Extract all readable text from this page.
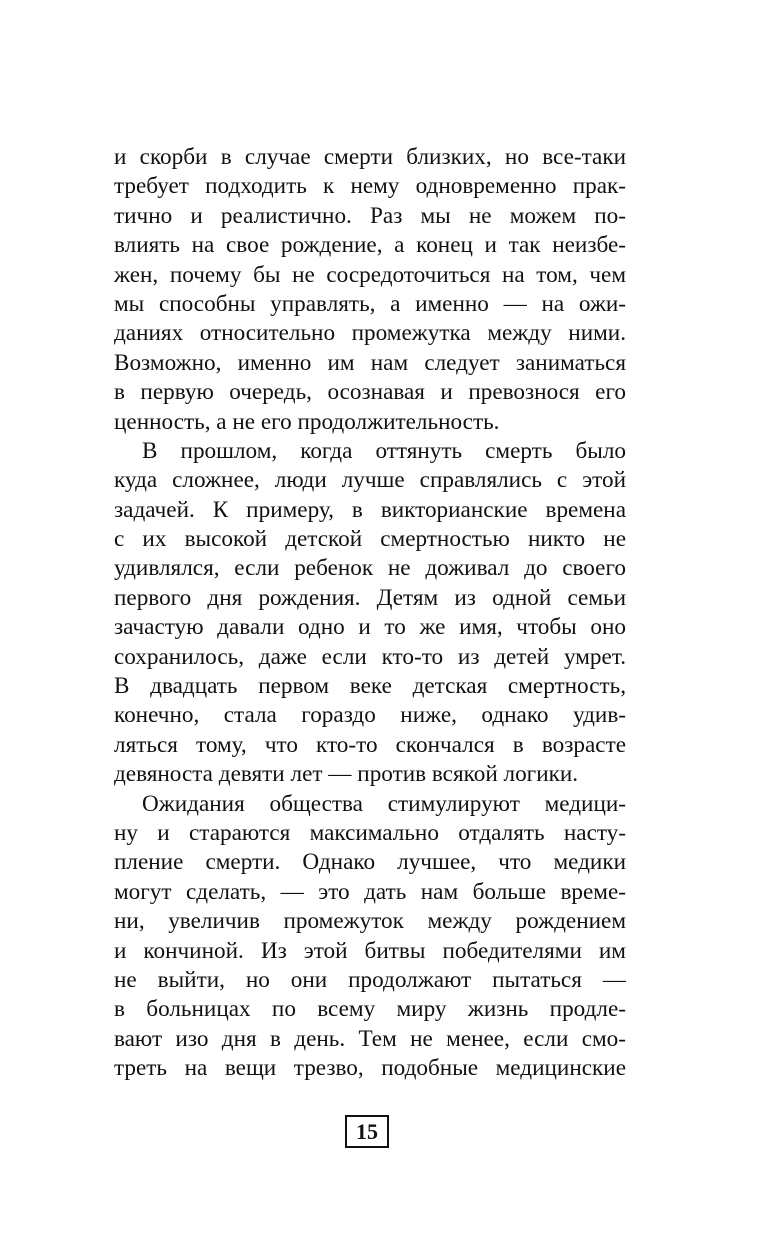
и скорби в случае смерти близких, но все-таки
требует подходить к нему одновременно прак-
тично и реалистично. Раз мы не можем по-
влиять на свое рождение, а конец и так неизбе-
жен, почему бы не сосредоточиться на том, чем
мы способны управлять, а именно — на ожи-
даниях относительно промежутка между ними.
Возможно, именно им нам следует заниматься
в первую очередь, осознавая и превознося его
ценность, а не его продолжительность.
В прошлом, когда оттянуть смерть было
куда сложнее, люди лучше справлялись с этой
задачей. К примеру, в викторианские времена
с их высокой детской смертностью никто не
удивлялся, если ребенок не доживал до своего
первого дня рождения. Детям из одной семьи
зачастую давали одно и то же имя, чтобы оно
сохранилось, даже если кто-то из детей умрет.
В двадцать первом веке детская смертность,
конечно, стала гораздо ниже, однако удив-
ляться тому, что кто-то скончался в возрасте
девяноста девяти лет — против всякой логики.
Ожидания общества стимулируют медици-
ну и стараются максимально отдалять насту-
пление смерти. Однако лучшее, что медики
могут сделать, — это дать нам больше време-
ни, увеличив промежуток между рождением
и кончиной. Из этой битвы победителями им
не выйти, но они продолжают пытаться —
в больницах по всему миру жизнь продле-
вают изо дня в день. Тем не менее, если смо-
треть на вещи трезво, подобные медицинские
15
